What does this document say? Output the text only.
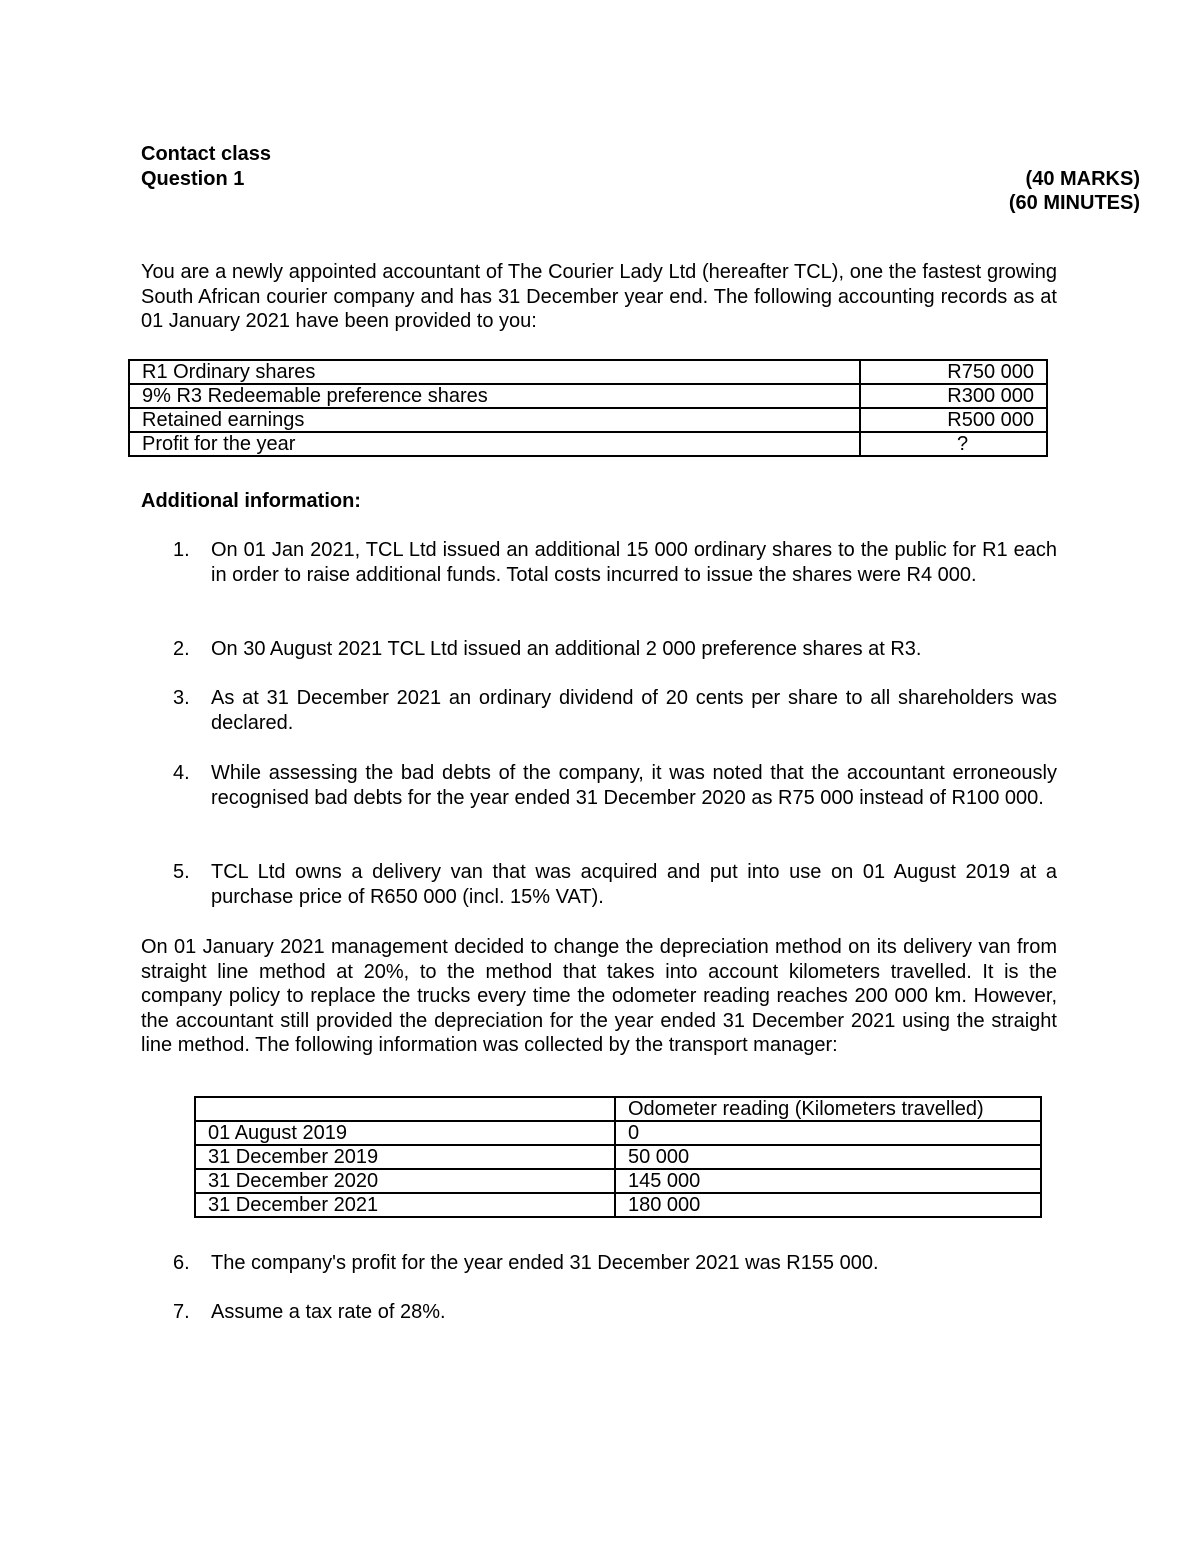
Contact class
Question 1	(40 MARKS)
(60 MINUTES)
You are a newly appointed accountant of The Courier Lady Ltd (hereafter TCL), one the fastest growing South African courier company and has 31 December year end. The following accounting records as at 01 January 2021 have been provided to you:
R1 Ordinary shares	R750 000
9% R3 Redeemable preference shares	R300 000
Retained earnings	R500 000
Profit for the year	?
Additional information:
1.	On 01 Jan 2021, TCL Ltd issued an additional 15 000 ordinary shares to the public for R1 each in order to raise additional funds. Total costs incurred to issue the shares were R4 000.
2.	On 30 August 2021 TCL Ltd issued an additional 2 000 preference shares at R3.
3.	As at 31 December 2021 an ordinary dividend of 20 cents per share to all shareholders was declared.
4.	While assessing the bad debts of the company, it was noted that the accountant erroneously recognised bad debts for the year ended 31 December 2020 as R75 000 instead of R100 000.
5.	TCL Ltd owns a delivery van that was acquired and put into use on 01 August 2019 at a purchase price of R650 000 (incl. 15% VAT).
On 01 January 2021 management decided to change the depreciation method on its delivery van from straight line method at 20%, to the method that takes into account kilometers travelled. It is the company policy to replace the trucks every time the odometer reading reaches 200 000 km. However, the accountant still provided the depreciation for the year ended 31 December 2021 using the straight line method. The following information was collected by the transport manager:
	Odometer reading (Kilometers travelled)
01 August 2019	0
31 December 2019	50 000
31 December 2020	145 000
31 December 2021	180 000
6.	The company's profit for the year ended 31 December 2021 was R155 000.
7.	Assume a tax rate of 28%.
